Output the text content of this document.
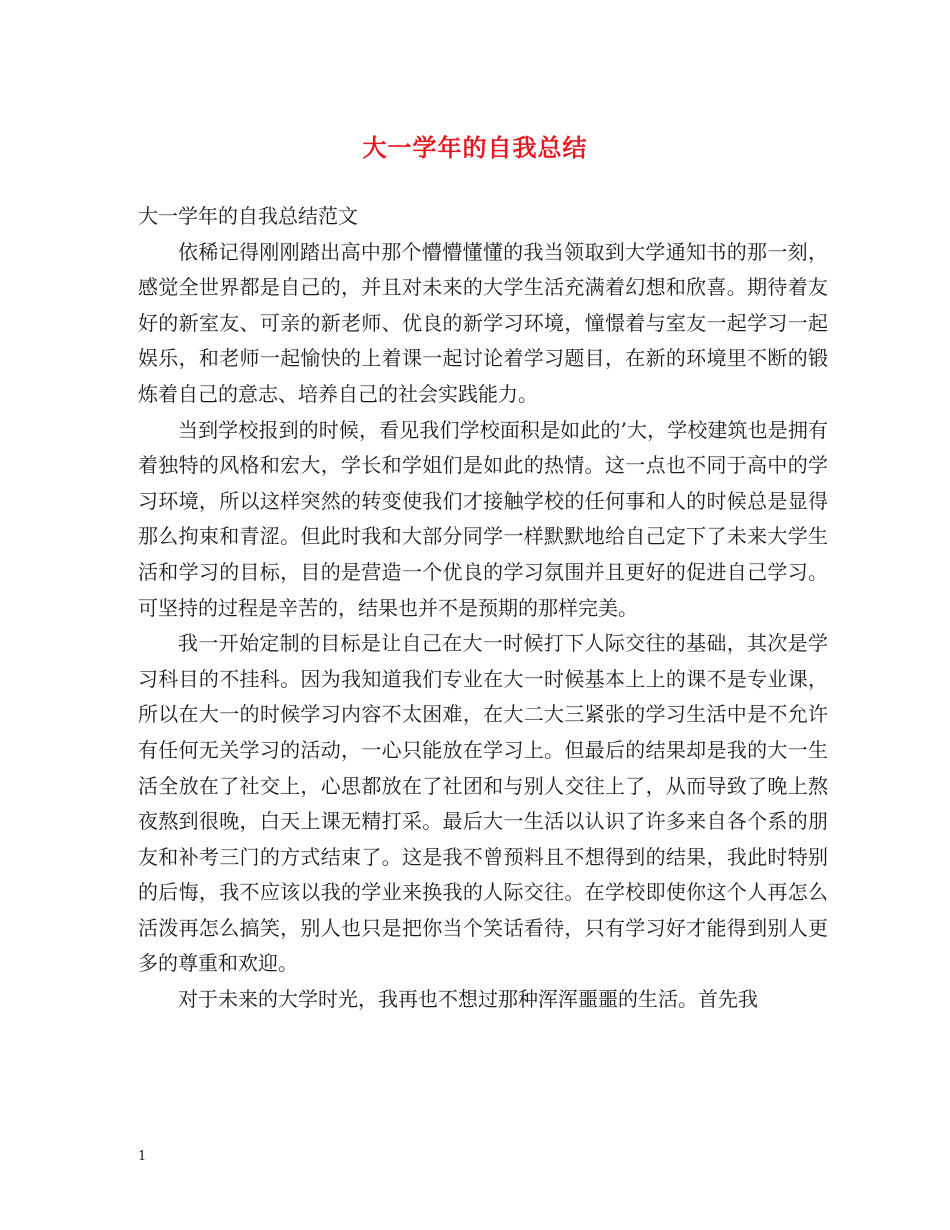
大一学年的自我总结

大一学年的自我总结范文

依稀记得刚刚踏出高中那个懵懵懂懂的我当领取到大学通知书的那一刻，感觉全世界都是自己的，并且对未来的大学生活充满着幻想和欣喜。期待着友好的新室友、可亲的新老师、优良的新学习环境，憧憬着与室友一起学习一起娱乐，和老师一起愉快的上着课一起讨论着学习题目，在新的环境里不断的锻炼着自己的意志、培养自己的社会实践能力。

当到学校报到的时候，看见我们学校面积是如此的’大，学校建筑也是拥有着独特的风格和宏大，学长和学姐们是如此的热情。这一点也不同于高中的学习环境，所以这样突然的转变使我们才接触学校的任何事和人的时候总是显得那么拘束和青涩。但此时我和大部分同学一样默默地给自己定下了未来大学生活和学习的目标，目的是营造一个优良的学习氛围并且更好的促进自己学习。可坚持的过程是辛苦的，结果也并不是预期的那样完美。

我一开始定制的目标是让自己在大一时候打下人际交往的基础，其次是学习科目的不挂科。因为我知道我们专业在大一时候基本上上的课不是专业课，所以在大一的时候学习内容不太困难，在大二大三紧张的学习生活中是不允许有任何无关学习的活动，一心只能放在学习上。但最后的结果却是我的大一生活全放在了社交上，心思都放在了社团和与别人交往上了，从而导致了晚上熬夜熬到很晚，白天上课无精打采。最后大一生活以认识了许多来自各个系的朋友和补考三门的方式结束了。这是我不曾预料且不想得到的结果，我此时特别的后悔，我不应该以我的学业来换我的人际交往。在学校即使你这个人再怎么活泼再怎么搞笑，别人也只是把你当个笑话看待，只有学习好才能得到别人更多的尊重和欢迎。

对于未来的大学时光，我再也不想过那种浑浑噩噩的生活。首先我

1
